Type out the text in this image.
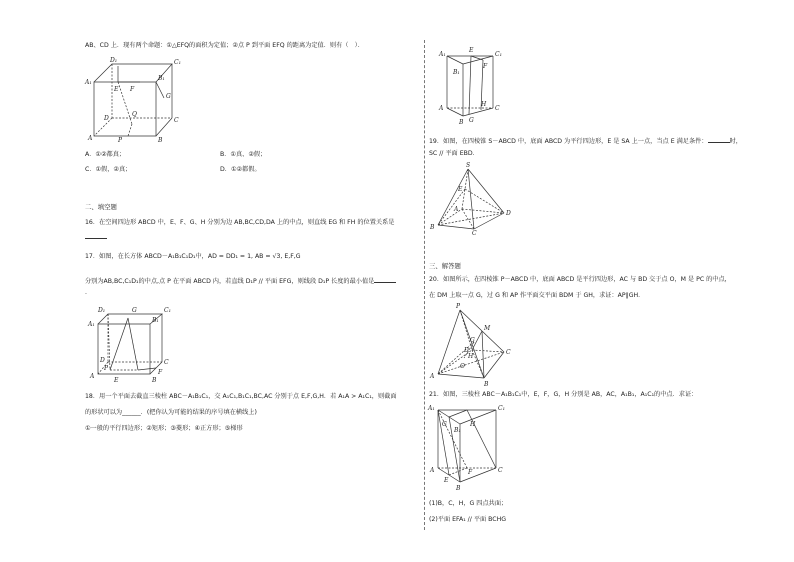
AB、CD 上．现有两个命题：①△EFQ的面积为定值；②点 P 到平面 EFQ 的距离为定值．则有（　）．
D₁	C₁
A₁
B₁
E F
G
D
Q
C
A	P	B
A．①②都真；	B．①真、②假；
C．①假，②真；	D．①②都假。
二、填空题
16．在空间四边形 ABCD 中，E、F、G、H 分别为边 AB,BC,CD,DA 上的中点，则直线 EG 和 FH 的位置关系是
17．如图，在长方体 ABCD－A₁B₁C₁D₁中，AD = DD₁ = 1, AB = √3, E,F,G
分别为AB,BC,C₁D₁的中点,点 P 在平面 ABCD 内，若直线 D₁P // 平面 EFG，则线段 D₁P 长度的最小值是
.
D₁	G	C₁
A₁
B₁
D
P
C
A
E	B
F
18．用一个平面去截直三棱柱 ABC－A₁B₁C₁，交 A₁C₁,B₁C₁,BC,AC 分别于点 E,F,G,H．若 A₁A > A₁C₁，则截面
的形状可以为______．(把你认为可能的结果的序号填在横线上)
①一般的平行四边形；②矩形；③菱形；④正方形；⑤梯形
A₁
E
C₁
F
B₁
A
H
C
G
B
19．如图，在四棱锥 S－ABCD 中，底面 ABCD 为平行四边形，E 是 SA 上一点，当点 E 满足条件：	时，
SC // 平面 EBD．
S
E
A
D
B
C
三、解答题
20．如图所示，在四棱锥 P－ABCD 中，底面 ABCD 是平行四边形，AC 与 BD 交于点 O，M 是 PC 的中点，
在 DM 上取一点 G，过 G 和 AP 作平面交平面 BDM 于 GH，求证：AP∥GH．
P
M
G
D
H
O
C
A
B
21．如图，三棱柱 ABC－A₁B₁C₁中，E，F，G，H 分别是 AB，AC，A₁B₁，A₁C₁的中点．求证：
A₁
G
C₁
B₁
H
A
E
F	C
B
(1)B，C，H，G 四点共面；
(2)平面 EFA₁ // 平面 BCHG
